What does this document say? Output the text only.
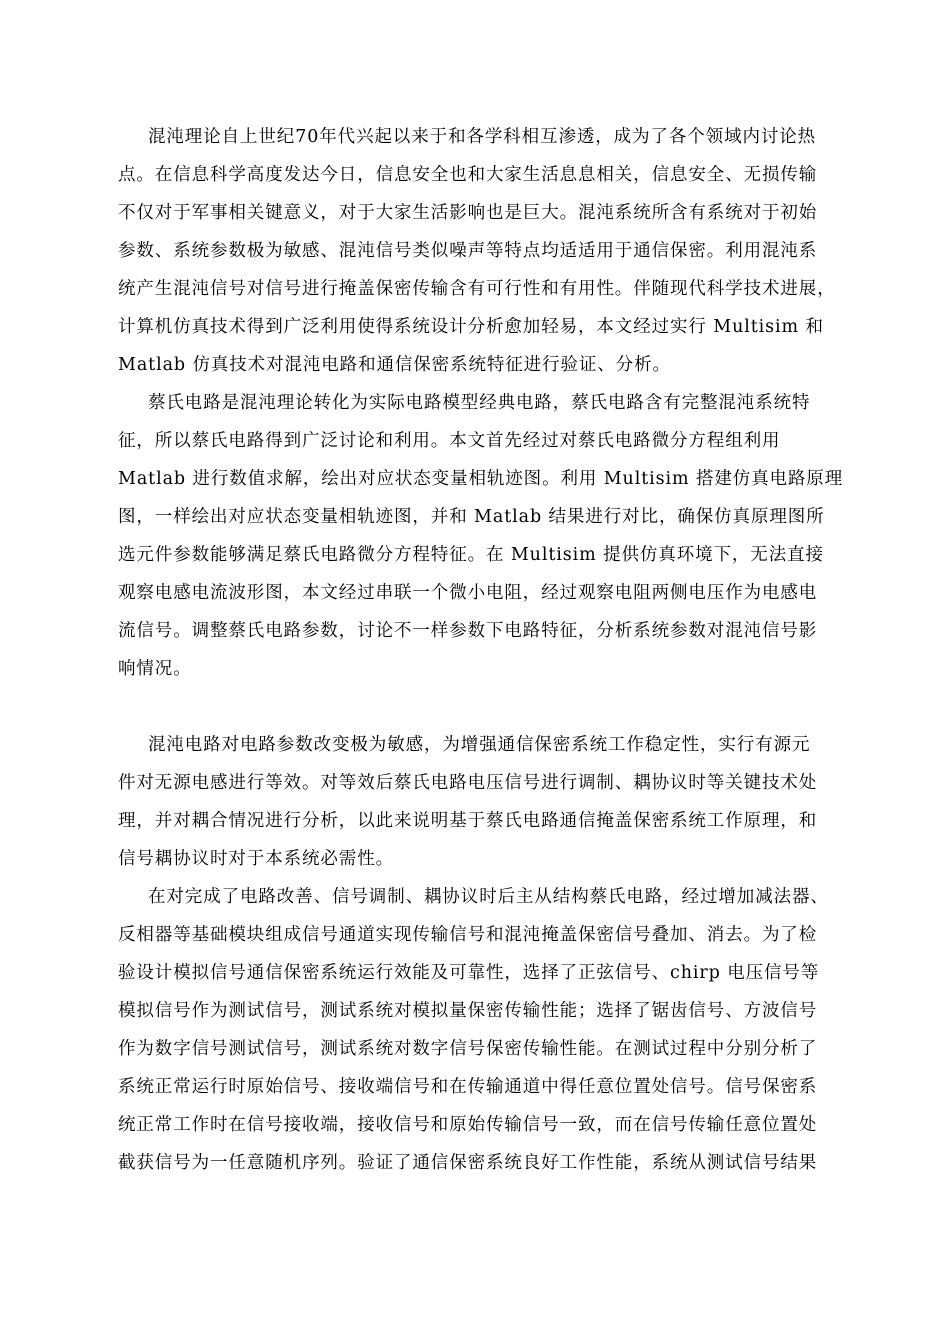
混沌理论自上世纪70年代兴起以来于和各学科相互渗透，成为了各个领域内讨论热

点。在信息科学高度发达今日，信息安全也和大家生活息息相关，信息安全、无损传输

不仅对于军事相关键意义，对于大家生活影响也是巨大。混沌系统所含有系统对于初始

参数、系统参数极为敏感、混沌信号类似噪声等特点均适适用于通信保密。利用混沌系

统产生混沌信号对信号进行掩盖保密传输含有可行性和有用性。伴随现代科学技术进展，

计算机仿真技术得到广泛利用使得系统设计分析愈加轻易，本文经过实行 Multisim 和

Matlab 仿真技术对混沌电路和通信保密系统特征进行验证、分析。

蔡氏电路是混沌理论转化为实际电路模型经典电路，蔡氏电路含有完整混沌系统特

征，所以蔡氏电路得到广泛讨论和利用。本文首先经过对蔡氏电路微分方程组利用

Matlab 进行数值求解，绘出对应状态变量相轨迹图。利用 Multisim 搭建仿真电路原理

图，一样绘出对应状态变量相轨迹图，并和 Matlab 结果进行对比，确保仿真原理图所

选元件参数能够满足蔡氏电路微分方程特征。在 Multisim 提供仿真环境下，无法直接

观察电感电流波形图，本文经过串联一个微小电阻，经过观察电阻两侧电压作为电感电

流信号。调整蔡氏电路参数，讨论不一样参数下电路特征，分析系统参数对混沌信号影

响情况。

混沌电路对电路参数改变极为敏感，为增强通信保密系统工作稳定性，实行有源元

件对无源电感进行等效。对等效后蔡氏电路电压信号进行调制、耦协议时等关键技术处

理，并对耦合情况进行分析，以此来说明基于蔡氏电路通信掩盖保密系统工作原理，和

信号耦协议时对于本系统必需性。

在对完成了电路改善、信号调制、耦协议时后主从结构蔡氏电路，经过增加减法器、

反相器等基础模块组成信号通道实现传输信号和混沌掩盖保密信号叠加、消去。为了检

验设计模拟信号通信保密系统运行效能及可靠性，选择了正弦信号、chirp 电压信号等

模拟信号作为测试信号，测试系统对模拟量保密传输性能；选择了锯齿信号、方波信号

作为数字信号测试信号，测试系统对数字信号保密传输性能。在测试过程中分别分析了

系统正常运行时原始信号、接收端信号和在传输通道中得任意位置处信号。信号保密系

统正常工作时在信号接收端，接收信号和原始传输信号一致，而在信号传输任意位置处

截获信号为一任意随机序列。验证了通信保密系统良好工作性能，系统从测试信号结果
